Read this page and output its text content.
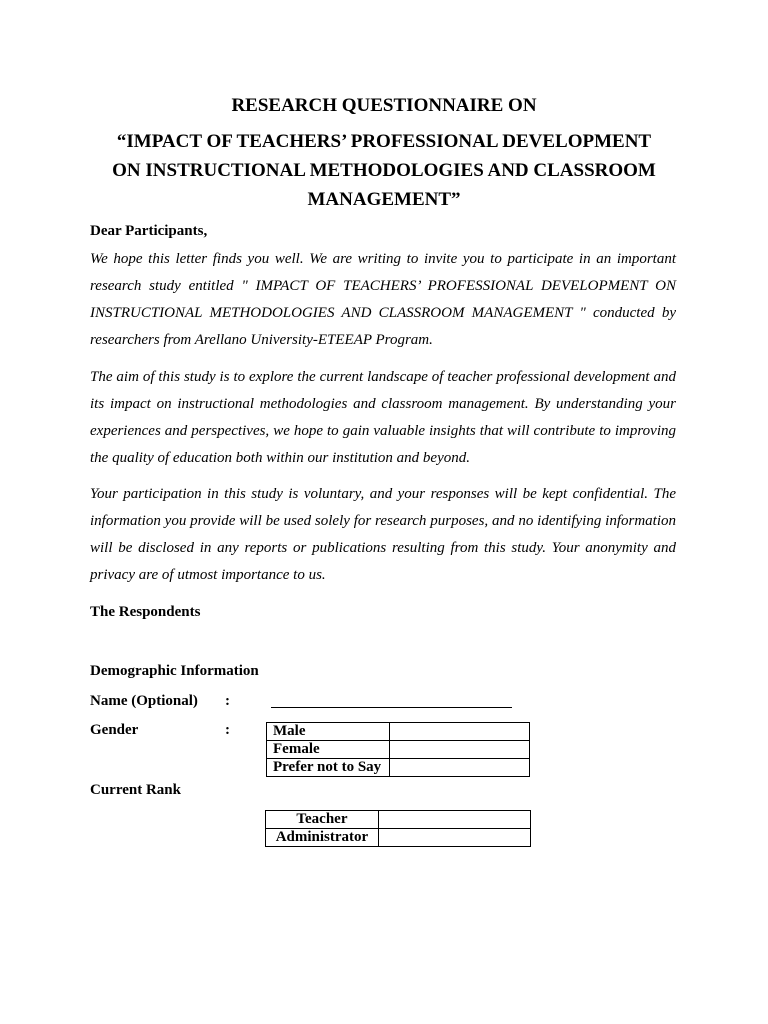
RESEARCH QUESTIONNAIRE ON
“IMPACT OF TEACHERS’ PROFESSIONAL DEVELOPMENT
ON INSTRUCTIONAL METHODOLOGIES AND CLASSROOM
MANAGEMENT”
Dear Participants,
We hope this letter finds you well. We are writing to invite you to participate in an important research study entitled " IMPACT OF TEACHERS’ PROFESSIONAL DEVELOPMENT ON INSTRUCTIONAL METHODOLOGIES AND CLASSROOM MANAGEMENT " conducted by researchers from Arellano University-ETEEAP Program.
The aim of this study is to explore the current landscape of teacher professional development and its impact on instructional methodologies and classroom management. By understanding your experiences and perspectives, we hope to gain valuable insights that will contribute to improving the quality of education both within our institution and beyond.
Your participation in this study is voluntary, and your responses will be kept confidential. The information you provide will be used solely for research purposes, and no identifying information will be disclosed in any reports or publications resulting from this study. Your anonymity and privacy are of utmost importance to us.
The Respondents
Demographic Information
Name (Optional) :
Gender	:	Male	
Female	
Prefer not to Say	
Current Rank
Teacher	
Administrator	
